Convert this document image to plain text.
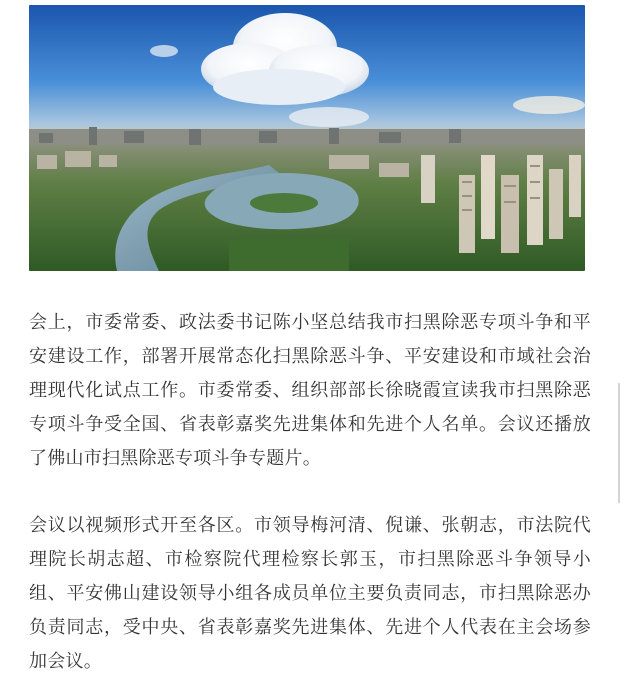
会上，市委常委、政法委书记陈小坚总结我市扫黑除恶专项斗争和平安建设工作，部署开展常态化扫黑除恶斗争、平安建设和市域社会治理现代化试点工作。市委常委、组织部部长徐晓霞宣读我市扫黑除恶专项斗争受全国、省表彰嘉奖先进集体和先进个人名单。会议还播放了佛山市扫黑除恶专项斗争专题片。

会议以视频形式开至各区。市领导梅河清、倪谦、张朝志，市法院代理院长胡志超、市检察院代理检察长郭玉，市扫黑除恶斗争领导小组、平安佛山建设领导小组各成员单位主要负责同志，市扫黑除恶办负责同志，受中央、省表彰嘉奖先进集体、先进个人代表在主会场参加会议。
